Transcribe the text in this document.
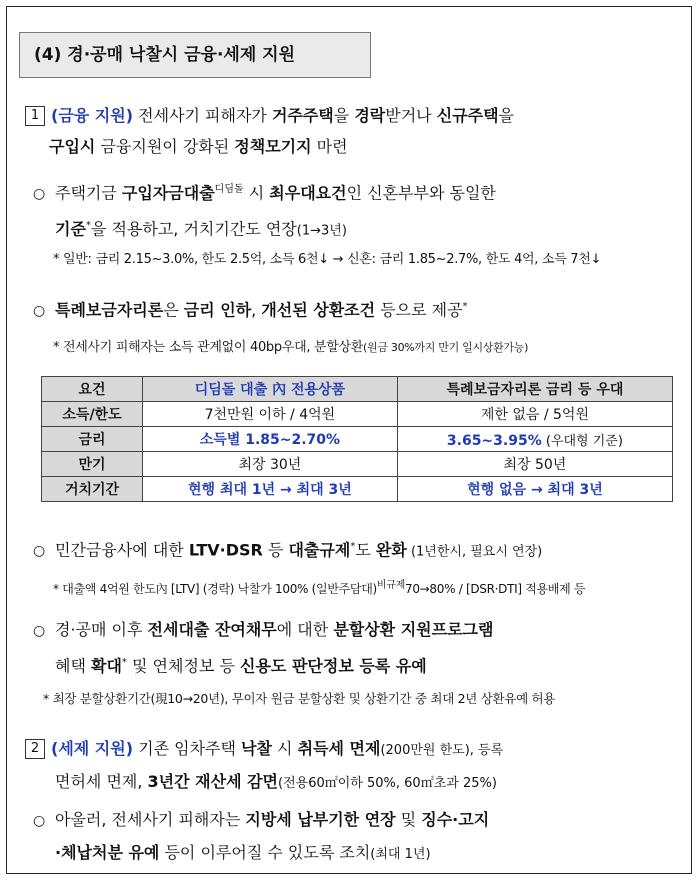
(4) 경·공매 낙찰시 금융·세제 지원
1 (금융 지원) 전세사기 피해자가 거주주택을 경락받거나 신규주택을
구입시 금융지원이 강화된 정책모기지 마련
○ 주택기금 구입자금대출$^{디딤돌}$ 시 최우대요건인 신혼부부와 동일한
기준*을 적용하고, 거치기간도 연장(1→3년)
* 일반: 금리 2.15~3.0%, 한도 2.5억, 소득 6천↓ → 신혼: 금리 1.85~2.7%, 한도 4억, 소득 7천↓
○ 특례보금자리론은 금리 인하, 개선된 상환조건 등으로 제공*
* 전세사기 피해자는 소득 관계없이 40bp우대, 분할상환(원금 30%까지 만기 일시상환가능)
요건	디딤돌 대출 內 전용상품	특례보금자리론 금리 등 우대
소득/한도	7천만원 이하 / 4억원	제한 없음 / 5억원
금리	소득별 1.85~2.70%	3.65~3.95% (우대형 기준)
만기	최장 30년	최장 50년
거치기간	현행 최대 1년 → 최대 3년	현행 없음 → 최대 3년
○ 민간금융사에 대한 LTV·DSR 등 대출규제*도 완화 (1년한시, 필요시 연장)
* 대출액 4억원 한도內 [LTV] (경락) 낙찰가 100% (일반주담대)$^{비규제}$70→80% / [DSR·DTI] 적용배제 등
○ 경·공매 이후 전세대출 잔여채무에 대한 분할상환 지원프로그램
혜택 확대* 및 연체정보 등 신용도 판단정보 등록 유예
* 최장 분할상환기간(現10→20년), 무이자 원금 분할상환 및 상환기간 중 최대 2년 상환유예 허용
2 (세제 지원) 기존 임차주택 낙찰 시 취득세 면제(200만원 한도), 등록
면허세 면제, 3년간 재산세 감면(전용60㎡이하 50%, 60㎡초과 25%)
○ 아울러, 전세사기 피해자는 지방세 납부기한 연장 및 징수·고지
·체납처분 유예 등이 이루어질 수 있도록 조치(최대 1년)
